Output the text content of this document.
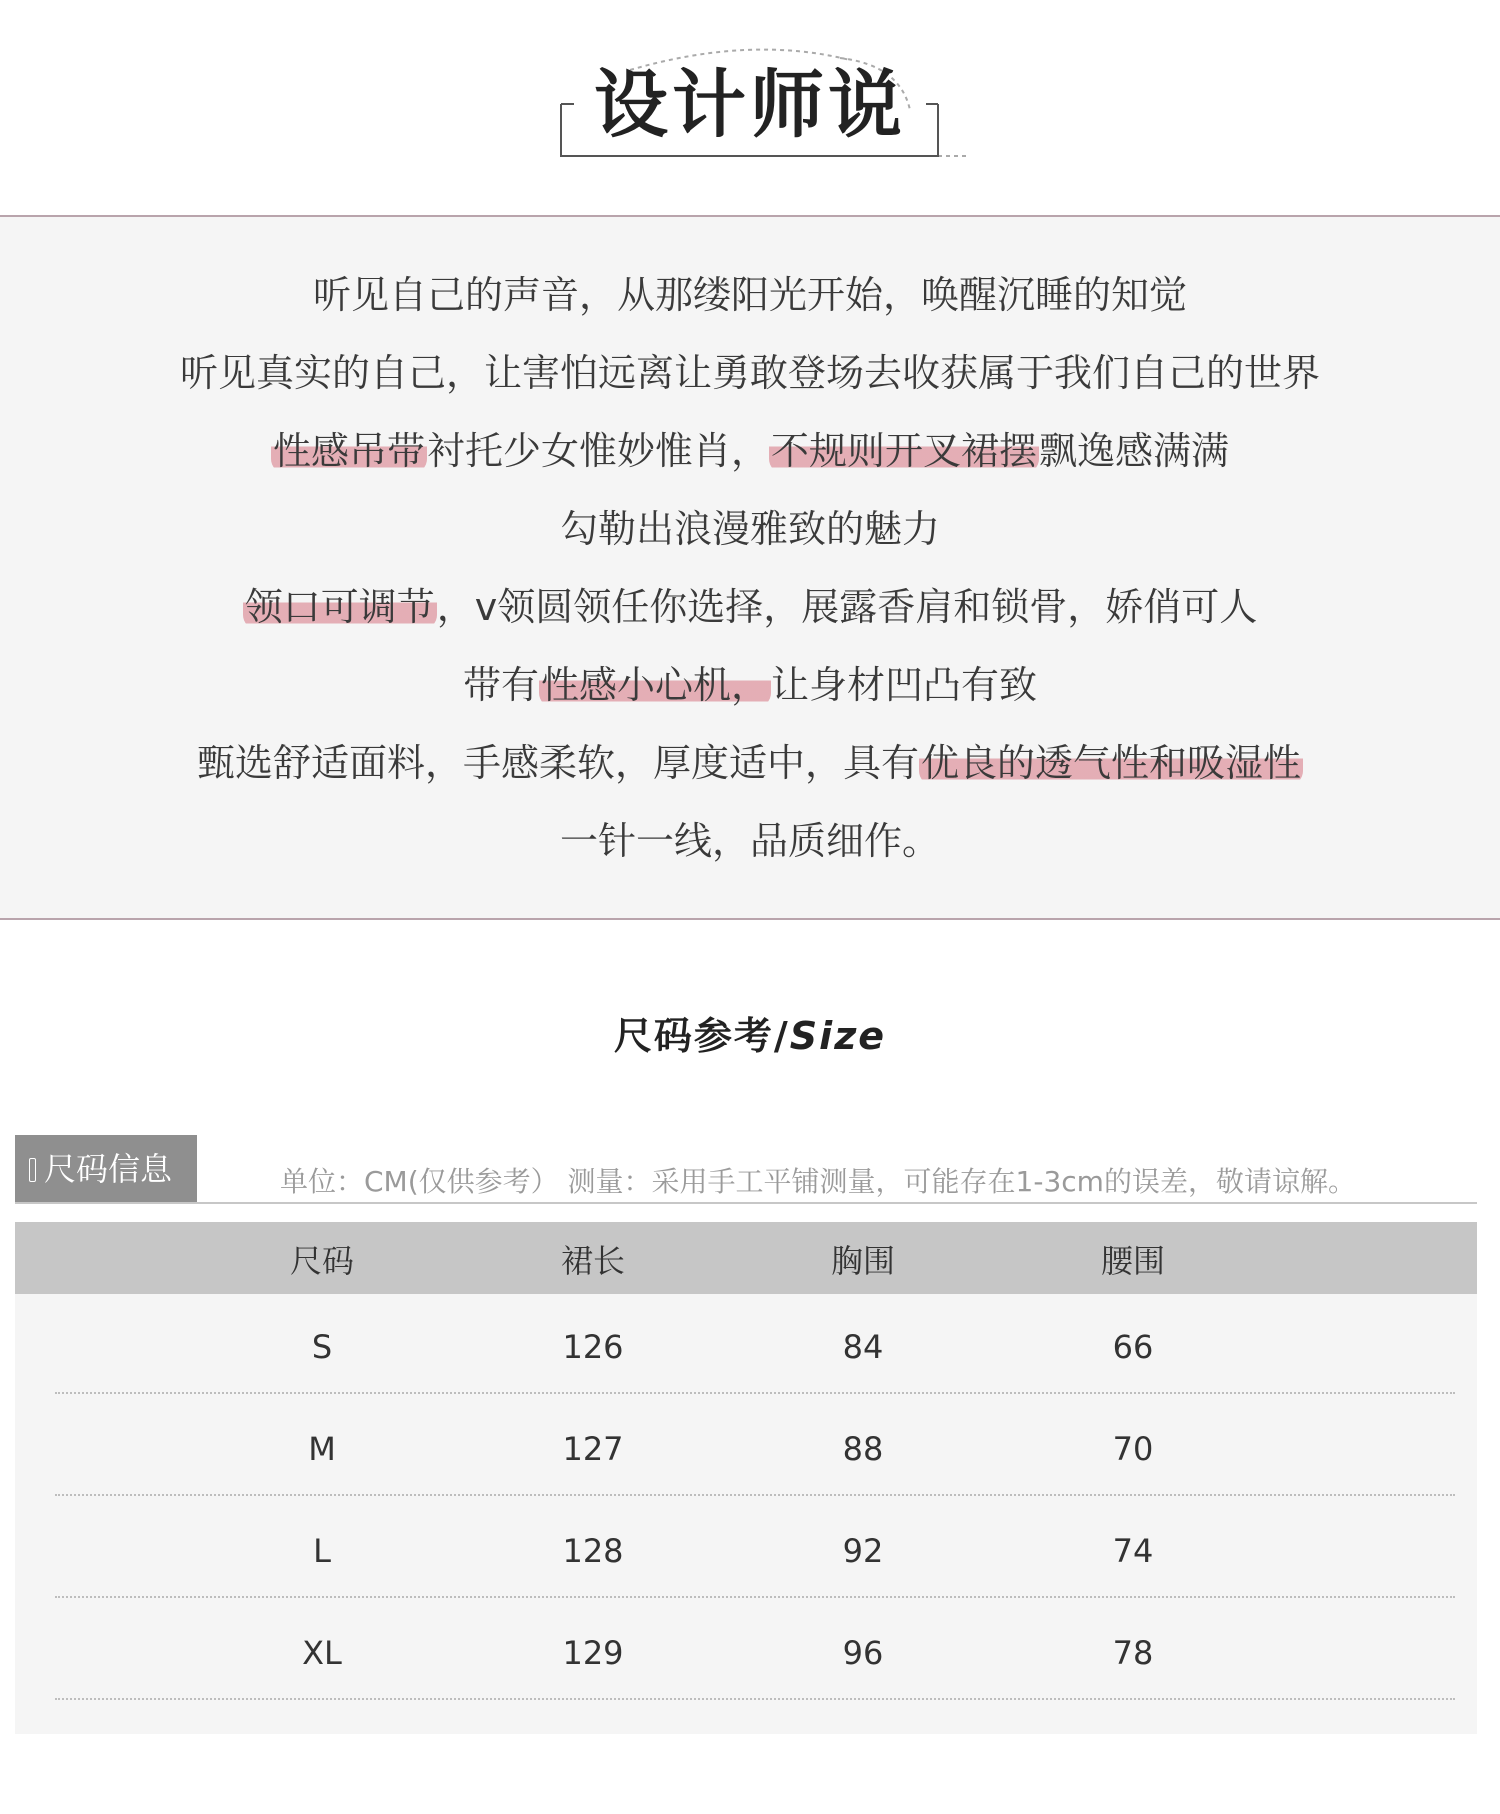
设计师说
听见自己的声音，从那缕阳光开始，唤醒沉睡的知觉
听见真实的自己，让害怕远离让勇敢登场去收获属于我们自己的世界
性感吊带衬托少女惟妙惟肖，不规则开叉裙摆飘逸感满满
勾勒出浪漫雅致的魅力
领口可调节，v领圆领任你选择，展露香肩和锁骨，娇俏可人
带有性感小心机，让身材凹凸有致
甄选舒适面料，手感柔软，厚度适中，具有优良的透气性和吸湿性
一针一线，品质细作。
尺码参考/Size
尺码信息	单位：CM(仅供参考） 测量：采用手工平铺测量，可能存在1-3cm的误差，敬请谅解。
尺码	裙长	胸围	腰围
S	126	84	66
M	127	88	70
L	128	92	74
XL	129	96	78
